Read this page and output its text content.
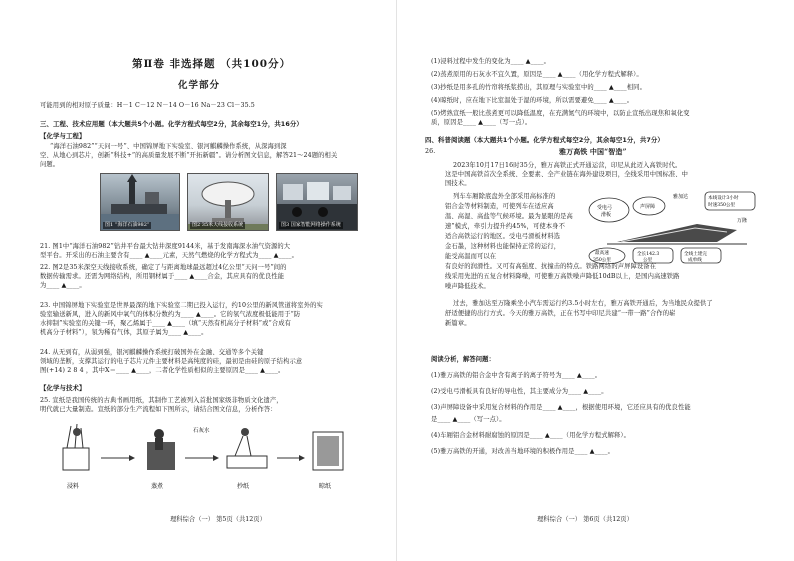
第Ⅱ卷 非选择题 （共100分）
化学部分
可能用到的相对原子质量：H－1 C－12 N－14 O－16 Na－23 Cl－35.5
三、工程、技术应用题（本大题共5个小题。化学方程式每空2分，其余每空1分，共16分）
【化学与工程】
“海洋石油982”“天问一号”、中国锦屏地下实验室、银河麒麟操作系统，从深海到深
空、从地心到芯片，创新“科技+”的高质量发展不断“开拓新疆”。请分析图文信息，解答21～24题的相关
问题。
图1 “海洋石油982”	图2 35米天线接收系统	图3 国家智能网络操作系统
21. 图1中“海洋石油982”钻井平台最大钻井深度9144米，基于发南海深水油气资源的大
型平台。开采出的石油主要含有____ ▲____元素，天然气燃烧的化学方程式为____ ▲____。
22. 图2是35米深空天线接收系统，确定了与距离地球最远超过4亿公里“天问一号”间的
数据传输需求。还需为网络结构，所用钢材属于____ ▲____合金，其应具有的优良性能
为____ ▲____。
23. 中国锦屏地下实验室是世界最深的地下实验室二期已投入运行，约10公里的新风管道将室外的实
验室输送新风，进入的新风中氧气的体积分数约为____ ▲____。它的氡气浓度极低能用于“防
水抑制”实验室的关键一环，聚乙烯属于____ ▲____（填“天然有机高分子材料”或“合成有
机高分子材料”），氡为稀有气体，其原子属为____ ▲____。
24. 从无到有，从弱到强，银河麒麟操作系统打破国外在金融、交通等多个关键
领域的垄断，支撑其运行的电子芯片元件主要材料是高纯度的硅，最初是由硅的原子结构示意
图(+14) 2 8 4 ，其中X＝____ ▲____，二者化学性质相似的主要原因是____ ▲____。
【化学与技术】
25. 宣纸是我国传统的古典书画用纸，其制作工艺被列入首批国家级非物质文化遗产，
明代就已大量制造。宣纸的部分生产流程如下图所示，请结合图文信息，分析作答：
浸料	蒸煮
石灰水
抄纸	晾纸
理科综合（一） 第5页（共12页）
(1)浸料过程中发生的变化为____ ▲____。
(2)蒸煮原用的石灰水不宜久置，原因是____ ▲____（用化学方程式解释）。
(3)抄纸是用多孔的竹帘将纸浆捞出，其原理与实验室中的____ ▲____相同。
(4)晾纸时，应在地下比室温处于湿的环境，所以需要避免____ ▲____。
(5)烤熟宣纸一般比蒸煮更可以降低温度，在充满氮气的环境中，以防止宣纸出现焦和氧化变
质，原因是____ ▲____（写一点）。
四、科普阅读题（本大题共1个小题。化学方程式每空2分，其余每空1分，共7分）
26.	雅万高铁 中国“智造”
2023年10月17日16时35分，雅万高铁正式开通运营，印尼从此迈入高铁时代。
这是中国高铁首次全系统、全要素、全产业链在海外建设项目，全线采用中国标准、中
国技术。
列车车厢除底盘外全部采用高标准的
铝合金等材料制造，可使列车在适应高
温、高湿、高盐等气候环境。最为显眼的是高
速”模式，牵引力提升约45%，可使本身不
适合高铁运行的地区。受电弓滑板材料选
金石墨，这种材料也能保持正常的运行，
能受高温而可以在
有良好的润滑性。又可有高强度、抗撞击的特点。铁路网络的声屏障设备在
线采用先进的五复合材料降噪，可使雅万高铁噪声降低10dB以上，是国内高速铁路
噪声降低技术。
受电弓
滑板
声屏障
本线设计3小时
时速350公里
雅加达
万隆
最高速
350公里
全长142.3
公里
全线土建完
成单线
过去，雅加达至万隆乘坐小汽车需运行约3.5小时左右，雅万高铁开通后，为当地民众提供了
舒适便捷的出行方式。今天的雅万高铁，正在书写中印尼共建“一带一路”合作的崭
新篇章。
阅读分析，解答问题：
(1)雅万高铁的铝合金中含有离子的离子符号为____ ▲____。
(2)受电弓滑板具有良好的导电性，其主要成分为____ ▲____。
(3)声屏障设备中采用复合材料的作用是____ ▲____，根据使用环境，它还应具有的优良性能
是____ ▲____（写一点）。
(4)车厢铝合金材料耐腐蚀的原因是____ ▲____（用化学方程式解释）。
(5)雅万高铁的开通，对改善当地环境的积极作用是____ ▲____。
理科综合（一） 第6页（共12页）
